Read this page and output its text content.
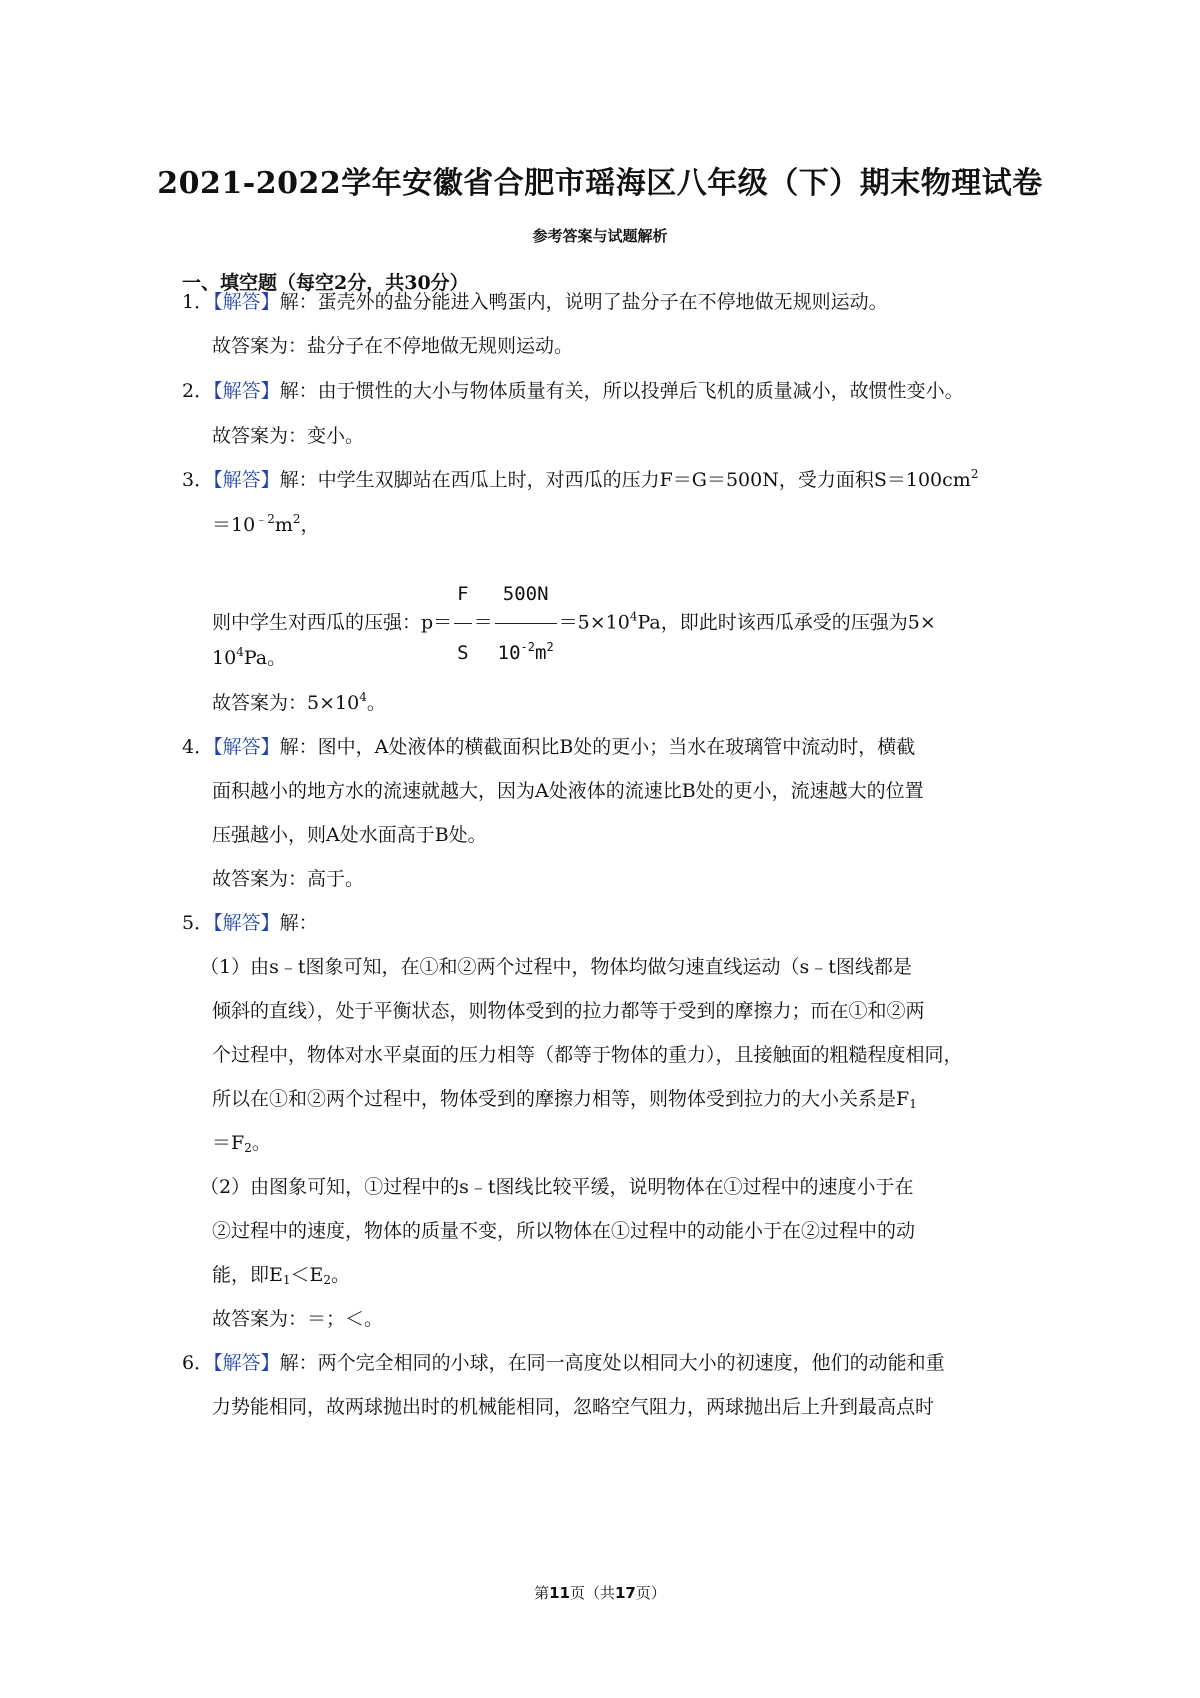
2021-2022学年安徽省合肥市瑶海区八年级（下）期末物理试卷
参考答案与试题解析
一、填空题（每空2分，共30分）
1．【解答】解：蛋壳外的盐分能进入鸭蛋内，说明了盐分子在不停地做无规则运动。
故答案为：盐分子在不停地做无规则运动。
2．【解答】解：由于惯性的大小与物体质量有关，所以投弹后飞机的质量减小，故惯性变小。
故答案为：变小。
3．【解答】解：中学生双脚站在西瓜上时，对西瓜的压力F＝G＝500N，受力面积$S=100cm^2$
$=10^{﹣2}m^2$，
则中学生对西瓜的压强：$p= \frac{F}{S} = \frac{500N}{10^{-2}m^2} =5\times 10^4Pa$，即此时该西瓜承受的压强为5×
$10^4Pa$。
故答案为：$5\times 10^4$。
4．【解答】解：图中，A处液体的横截面积比B处的更小；当水在玻璃管中流动时，横截
面积越小的地方水的流速就越大，因为A处液体的流速比B处的更小，流速越大的位置
压强越小，则A处水面高于B处。
故答案为：高于。
5．【解答】解：
（1）由s﹣t图象可知，在①和②两个过程中，物体均做匀速直线运动（s﹣t图线都是
倾斜的直线），处于平衡状态，则物体受到的拉力都等于受到的摩擦力；而在①和②两
个过程中，物体对水平桌面的压力相等（都等于物体的重力），且接触面的粗糙程度相同，
所以在①和②两个过程中，物体受到的摩擦力相等，则物体受到拉力的大小关系是$F_1$
$=F_2$。
（2）由图象可知，①过程中的s﹣t图线比较平缓，说明物体在①过程中的速度小于在
②过程中的速度，物体的质量不变，所以物体在①过程中的动能小于在②过程中的动
能，即$E_1<E_2$。
故答案为：＝；＜。
6．【解答】解：两个完全相同的小球，在同一高度处以相同大小的初速度，他们的动能和重
力势能相同，故两球抛出时的机械能相同，忽略空气阻力，两球抛出后上升到最高点时
第11页（共17页）
